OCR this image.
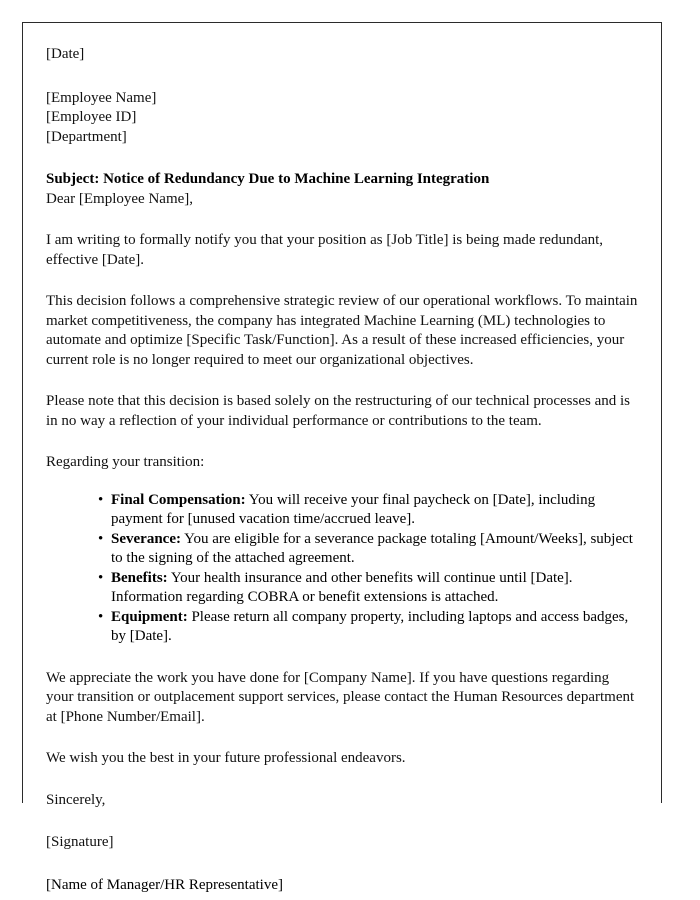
[Date]

[Employee Name]

[Employee ID]

[Department]

Subject: Notice of Redundancy Due to Machine Learning Integration

Dear [Employee Name],

I am writing to formally notify you that your position as [Job Title] is being made redundant, effective [Date].

This decision follows a comprehensive strategic review of our operational workflows. To maintain market competitiveness, the company has integrated Machine Learning (ML) technologies to automate and optimize [Specific Task/Function]. As a result of these increased efficiencies, your current role is no longer required to meet our organizational objectives.

Please note that this decision is based solely on the restructuring of our technical processes and is in no way a reflection of your individual performance or contributions to the team.

Regarding your transition:

• Final Compensation: You will receive your final paycheck on [Date], including payment for [unused vacation time/accrued leave].
• Severance: You are eligible for a severance package totaling [Amount/Weeks], subject to the signing of the attached agreement.
• Benefits: Your health insurance and other benefits will continue until [Date]. Information regarding COBRA or benefit extensions is attached.
• Equipment: Please return all company property, including laptops and access badges, by [Date].

We appreciate the work you have done for [Company Name]. If you have questions regarding your transition or outplacement support services, please contact the Human Resources department at [Phone Number/Email].

We wish you the best in your future professional endeavors.

Sincerely,

[Signature]

[Name of Manager/HR Representative]
